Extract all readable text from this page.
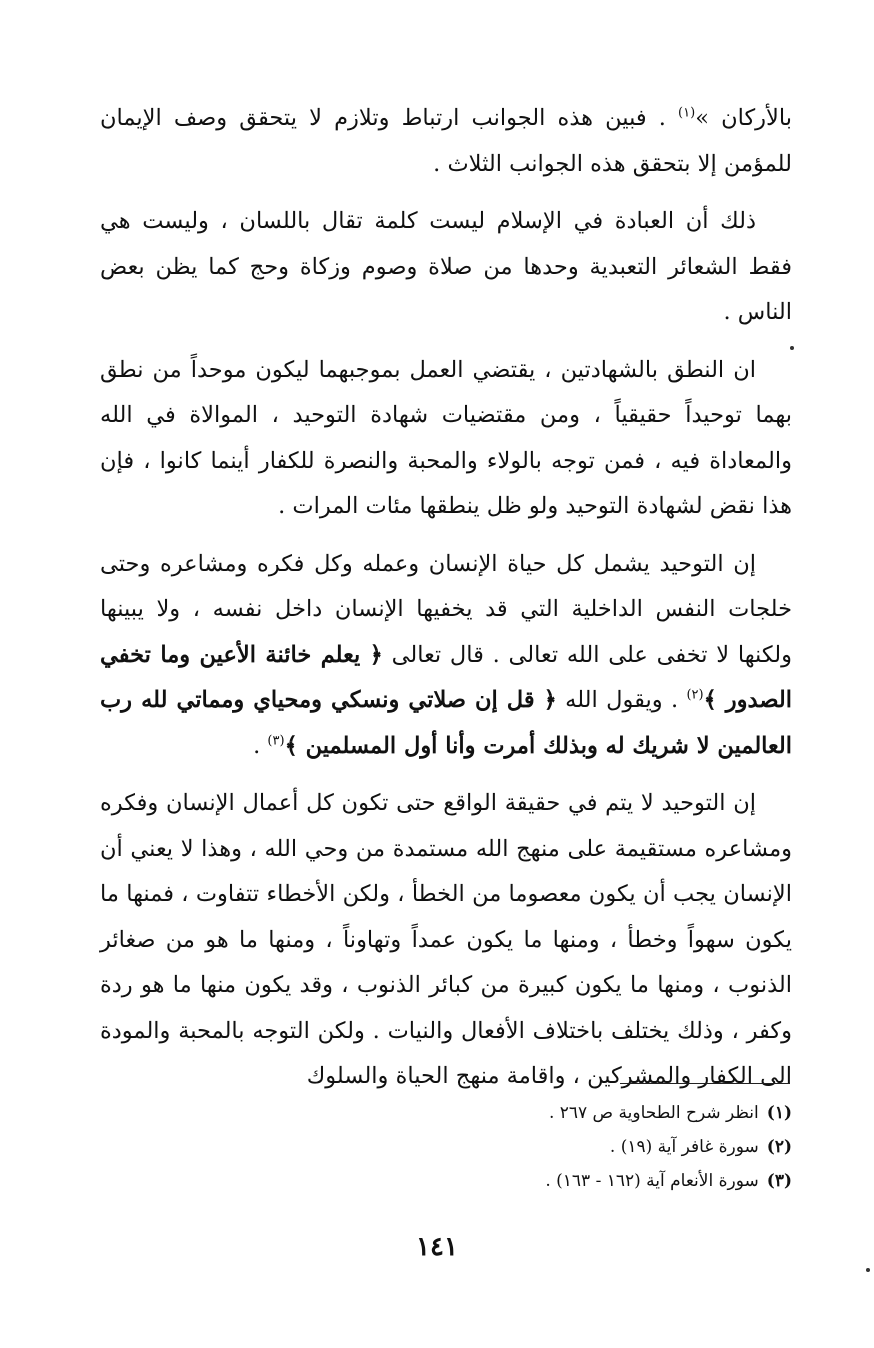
بالأركان »$^{(١)}$ . فبين هذه الجوانب ارتباط وتلازم لا يتحقق وصف الإيمان للمؤمن إلا بتحقق هذه الجوانب الثلاث .

ذلك أن العبادة في الإسلام ليست كلمة تقال باللسان ، وليست هي فقط الشعائر التعبدية وحدها من صلاة وصوم وزكاة وحج كما يظن بعض الناس .

ان النطق بالشهادتين ، يقتضي العمل بموجبهما ليكون موحداً من نطق بهما توحيداً حقيقياً ، ومن مقتضيات شهادة التوحيد ، الموالاة في الله والمعاداة فيه ، فمن توجه بالولاء والمحبة والنصرة للكفار أينما كانوا ، فإن هذا نقض لشهادة التوحيد ولو ظل ينطقها مئات المرات .

إن التوحيد يشمل كل حياة الإنسان وعمله وكل فكره ومشاعره وحتى خلجات النفس الداخلية التي قد يخفيها الإنسان داخل نفسه ، ولا يبينها ولكنها لا تخفى على الله تعالى . قال تعالى ﴿ يعلم خائنة الأعين وما تخفي الصدور ﴾$^{(٢)}$ . ويقول الله ﴿ قل إن صلاتي ونسكي ومحياي ومماتي لله رب العالمين لا شريك له وبذلك أمرت وأنا أول المسلمين ﴾$^{(٣)}$ .

إن التوحيد لا يتم في حقيقة الواقع حتى تكون كل أعمال الإنسان وفكره ومشاعره مستقيمة على منهج الله مستمدة من وحي الله ، وهذا لا يعني أن الإنسان يجب أن يكون معصوما من الخطأ ، ولكن الأخطاء تتفاوت ، فمنها ما يكون سهواً وخطأ ، ومنها ما يكون عمداً وتهاوناً ، ومنها ما هو من صغائر الذنوب ، ومنها ما يكون كبيرة من كبائر الذنوب ، وقد يكون منها ما هو ردة وكفر ، وذلك يختلف باختلاف الأفعال والنيات . ولكن التوجه بالمحبة والمودة الى الكفار والمشركين ، واقامة منهج الحياة والسلوك

(١)انظر شرح الطحاوية ص ٢٦٧ .

(٢)سورة غافر آية (١٩) .

(٣)سورة الأنعام آية (١٦٢ - ١٦٣) .

١٤١
